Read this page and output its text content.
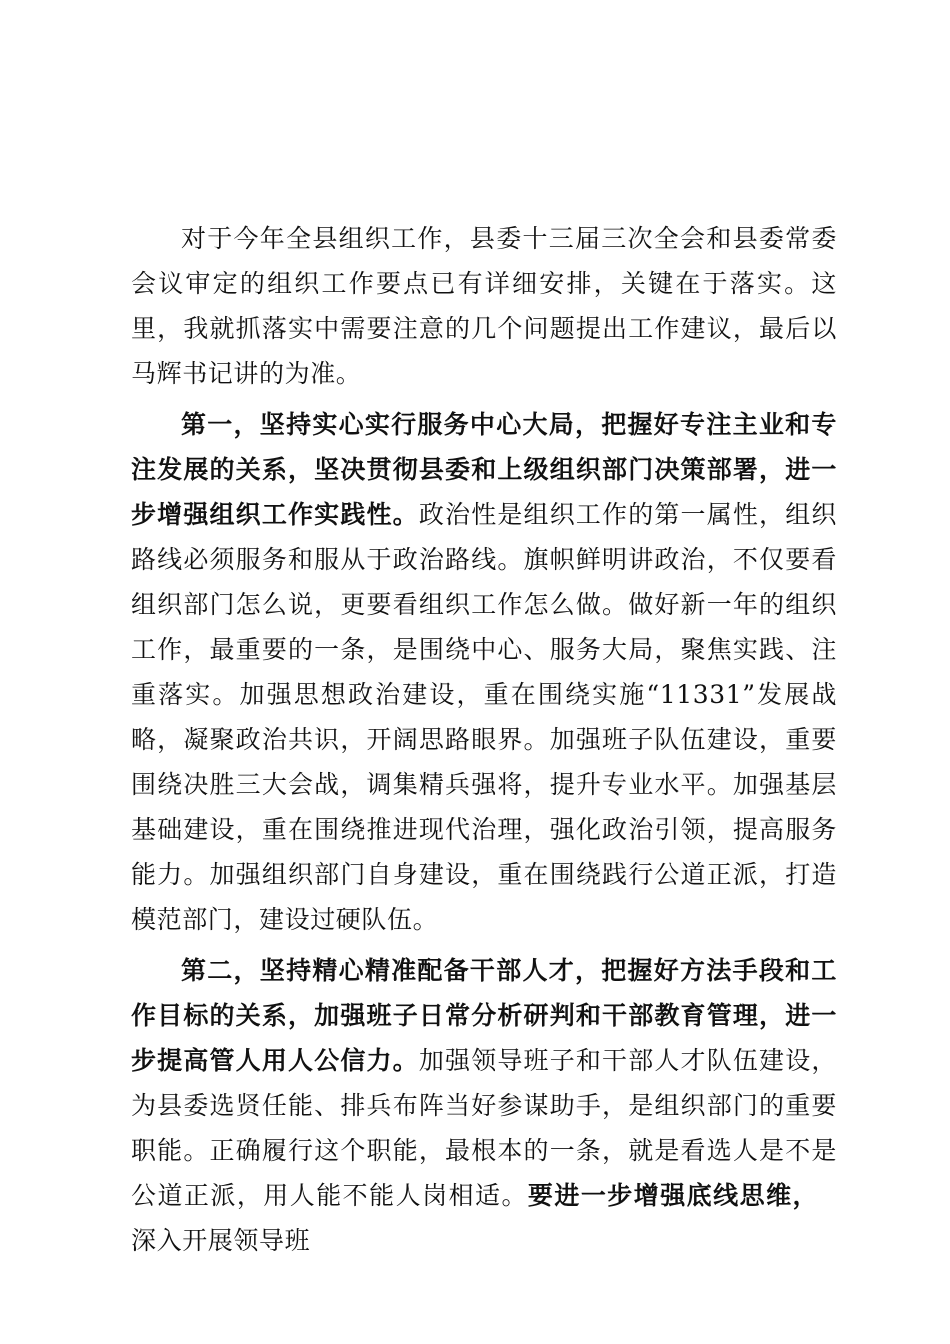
对于今年全县组织工作，县委十三届三次全会和县委常委会议审定的组织工作要点已有详细安排，关键在于落实。这里，我就抓落实中需要注意的几个问题提出工作建议，最后以马辉书记讲的为准。

第一，坚持实心实行服务中心大局，把握好专注主业和专注发展的关系，坚决贯彻县委和上级组织部门决策部署，进一步增强组织工作实践性。政治性是组织工作的第一属性，组织路线必须服务和服从于政治路线。旗帜鲜明讲政治，不仅要看组织部门怎么说，更要看组织工作怎么做。做好新一年的组织工作，最重要的一条，是围绕中心、服务大局，聚焦实践、注重落实。加强思想政治建设，重在围绕实施“11331”发展战略，凝聚政治共识，开阔思路眼界。加强班子队伍建设，重要围绕决胜三大会战，调集精兵强将，提升专业水平。加强基层基础建设，重在围绕推进现代治理，强化政治引领，提高服务能力。加强组织部门自身建设，重在围绕践行公道正派，打造模范部门，建设过硬队伍。

第二，坚持精心精准配备干部人才，把握好方法手段和工作目标的关系，加强班子日常分析研判和干部教育管理，进一步提高管人用人公信力。加强领导班子和干部人才队伍建设，为县委选贤任能、排兵布阵当好参谋助手，是组织部门的重要职能。正确履行这个职能，最根本的一条，就是看选人是不是公道正派，用人能不能人岗相适。要进一步增强底线思维，深入开展领导班
